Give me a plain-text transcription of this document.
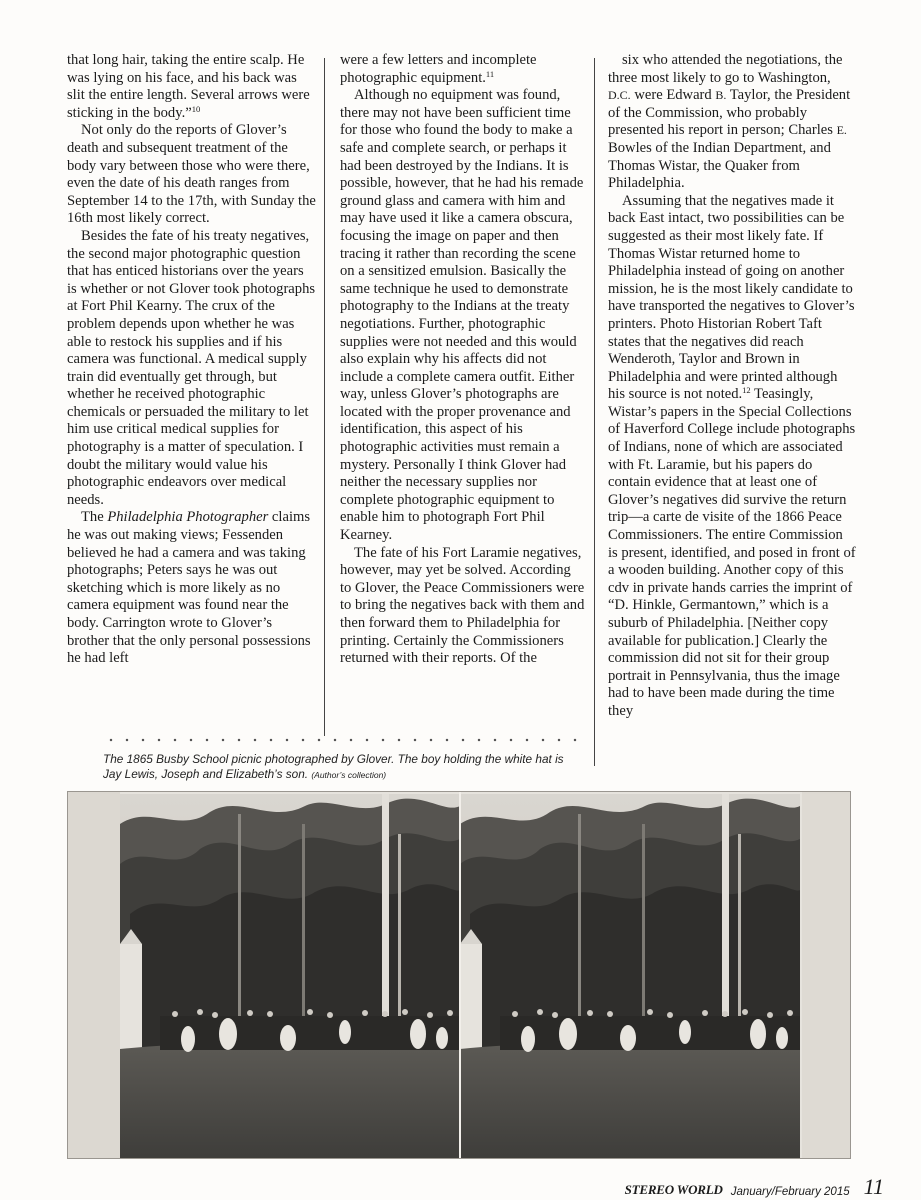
that long hair, taking the entire scalp. He was lying on his face, and his back was slit the entire length. Several arrows were sticking in the body.”$^{10}$

Not only do the reports of Glover’s death and subsequent treatment of the body vary between those who were there, even the date of his death ranges from September 14 to the 17th, with Sunday the 16th most likely correct.

Besides the fate of his treaty negatives, the second major photographic question that has enticed historians over the years is whether or not Glover took photographs at Fort Phil Kearny. The crux of the problem depends upon whether he was able to restock his supplies and if his camera was functional. A medical supply train did eventually get through, but whether he received photographic chemicals or persuaded the military to let him use critical medical supplies for photography is a matter of speculation. I doubt the military would value his photographic endeavors over medical needs.

The Philadelphia Photographer claims he was out making views; Fessenden believed he had a camera and was taking photographs; Peters says he was out sketching which is more likely as no camera equipment was found near the body. Carrington wrote to Glover’s brother that the only personal possessions he had left

were a few letters and incomplete photographic equipment.$^{11}$

Although no equipment was found, there may not have been sufficient time for those who found the body to make a safe and complete search, or perhaps it had been destroyed by the Indians. It is possible, however, that he had his remade ground glass and camera with him and may have used it like a camera obscura, focusing the image on paper and then tracing it rather than recording the scene on a sensitized emulsion. Basically the same technique he used to demonstrate photography to the Indians at the treaty negotiations. Further, photographic supplies were not needed and this would also explain why his affects did not include a complete camera outfit. Either way, unless Glover’s photographs are located with the proper provenance and identification, this aspect of his photographic activities must remain a mystery. Personally I think Glover had neither the necessary supplies nor complete photographic equipment to enable him to photograph Fort Phil Kearney.

The fate of his Fort Laramie negatives, however, may yet be solved. According to Glover, the Peace Commissioners were to bring the negatives back with them and then forward them to Philadelphia for printing. Certainly the Commissioners returned with their reports. Of the

six who attended the negotiations, the three most likely to go to Washington, D.C. were Edward B. Taylor, the President of the Commission, who probably presented his report in person; Charles E. Bowles of the Indian Department, and Thomas Wistar, the Quaker from Philadelphia.

Assuming that the negatives made it back East intact, two possibilities can be suggested as their most likely fate. If Thomas Wistar returned home to Philadelphia instead of going on another mission, he is the most likely candidate to have transported the negatives to Glover’s printers. Photo Historian Robert Taft states that the negatives did reach Wenderoth, Taylor and Brown in Philadelphia and were printed although his source is not noted.$^{12}$ Teasingly, Wistar’s papers in the Special Collections of Haverford College include photographs of Indians, none of which are associated with Ft. Laramie, but his papers do contain evidence that at least one of Glover’s negatives did survive the return trip—a carte de visite of the 1866 Peace Commissioners. The entire Commission is present, identified, and posed in front of a wooden building. Another copy of this cdv in private hands carries the imprint of “D. Hinkle, Germantown,” which is a suburb of Philadelphia. [Neither copy available for publication.] Clearly the commission did not sit for their group portrait in Pennsylvania, thus the image had to have been made during the time they

The 1865 Busby School picnic photographed by Glover. The boy holding the white hat is Jay Lewis, Joseph and Elizabeth’s son. (Author’s collection)
STEREO WORLD January/February 2015 11
